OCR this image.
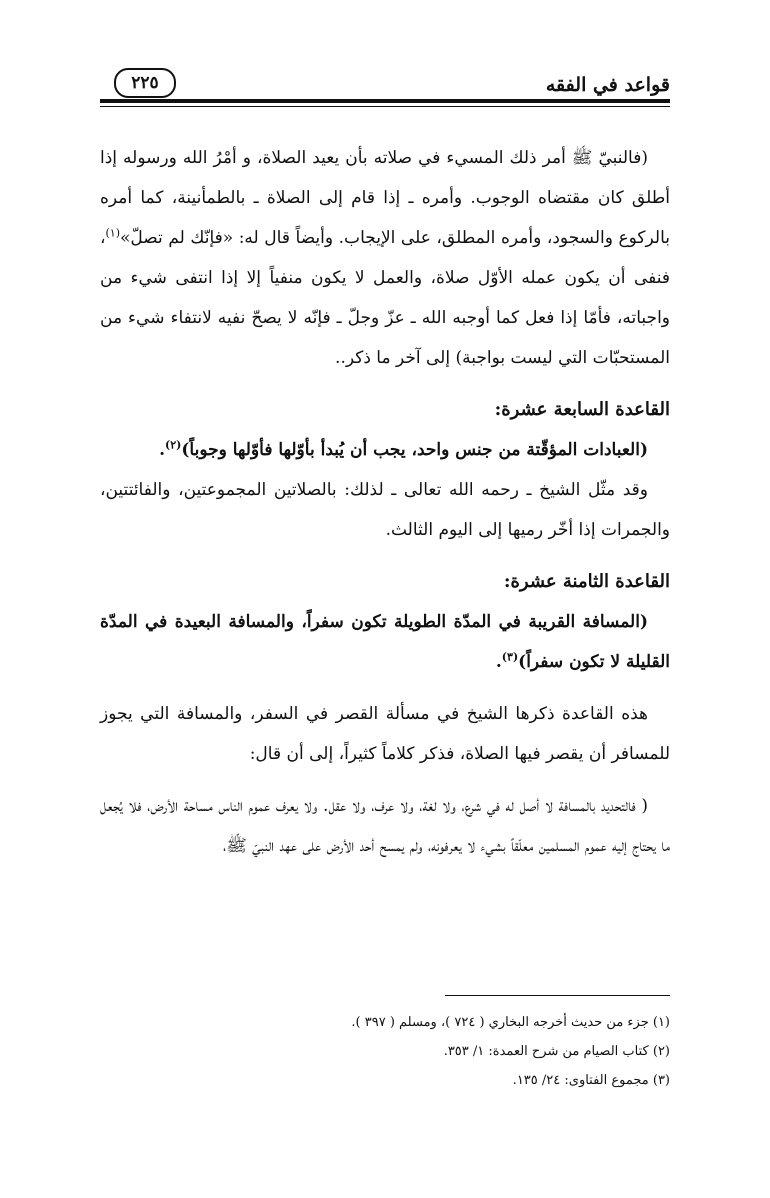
قواعد في الفقه
٢٢٥

(فالنبيّ ﷺ أمر ذلك المسيء في صلاته بأن يعيد الصلاة، و أمْرُ الله ورسوله إذا أطلق كان مقتضاه الوجوب. وأمره ـ إذا قام إلى الصلاة ـ بالطمأنينة، كما أمره بالركوع والسجود، وأمره المطلق، على الإيجاب. وأيضاً قال له: «فإنّك لم تصلّ»$^{(١)}$، فنفى أن يكون عمله الأوّل صلاة، والعمل لا يكون منفياً إلا إذا انتفى شيء من واجباته، فأمّا إذا فعل كما أوجبه الله ـ عزّ وجلّ ـ فإنّه لا يصحّ نفيه لانتفاء شيء من المستحبّات التي ليست بواجبة) إلى آخر ما ذكر..

القاعدة السابعة عشرة:

(العبادات المؤقّتة من جنس واحد، يجب أن يُبدأ بأوّلها فأوّلها وجوباً)$^{(٢)}$.

وقد مثّل الشيخ ـ رحمه الله تعالى ـ لذلك: بالصلاتين المجموعتين، والفائتتين، والجمرات إذا أخّر رميها إلى اليوم الثالث.

القاعدة الثامنة عشرة:

(المسافة القريبة في المدّة الطويلة تكون سفراً، والمسافة البعيدة في المدّة القليلة لا تكون سفراً)$^{(٣)}$.

هذه القاعدة ذكرها الشيخ في مسألة القصر في السفر، والمسافة التي يجوز للمسافر أن يقصر فيها الصلاة، فذكر كلاماً كثيراً، إلى أن قال:

( فالتحديد بالمسافة لا أصل له في شرع، ولا لغة، ولا عرف، ولا عقل. ولا يعرف عموم الناس مساحة الأرض، فلا يُجعل ما يحتاج إليه عموم المسلمين معلّقاً بشيء لا يعرفونه، ولم يمسح أحد الأرض على عهد النبيّ ﷺ،

(١) جزء من حديث أخرجه البخاري ( ٧٢٤ )، ومسلم ( ٣٩٧ ).

(٢) كتاب الصيام من شرح العمدة: ١/ ٣٥٣.

(٣) مجموع الفتاوى: ٢٤/ ١٣٥.
